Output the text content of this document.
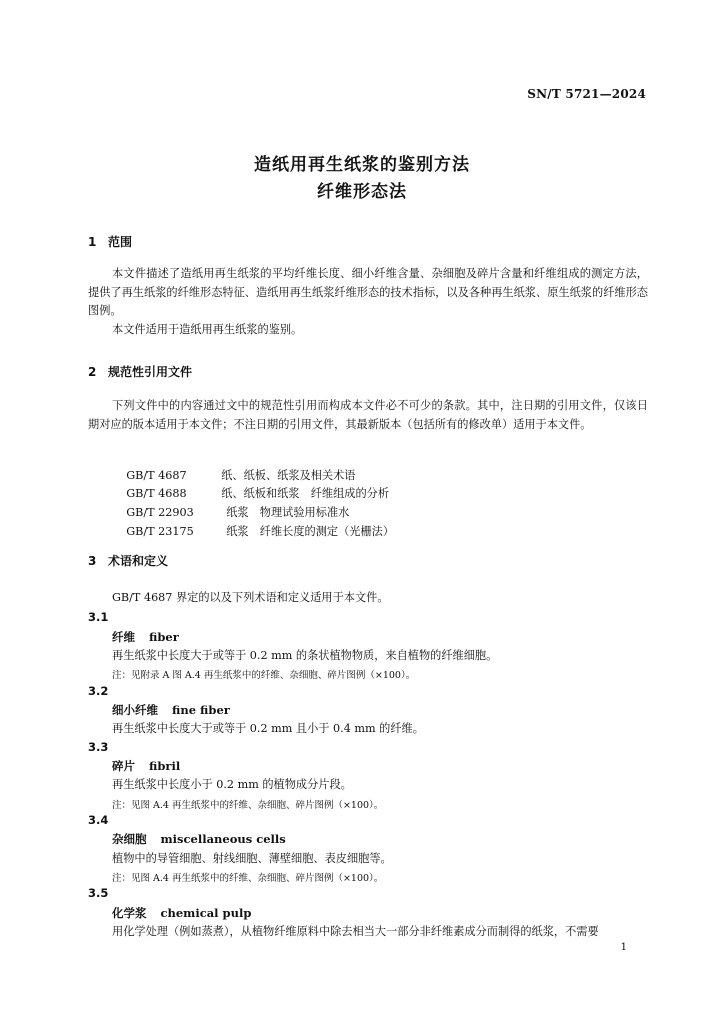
SN/T 5721—2024
造纸用再生纸浆的鉴别方法
纤维形态法
1 范围
本文件描述了造纸用再生纸浆的平均纤维长度、细小纤维含量、杂细胞及碎片含量和纤维组成的测定方法，提供了再生纸浆的纤维形态特征、造纸用再生纸浆纤维形态的技术指标，以及各种再生纸浆、原生纸浆的纤维形态图例。
本文件适用于造纸用再生纸浆的鉴别。
2 规范性引用文件
下列文件中的内容通过文中的规范性引用而构成本文件必不可少的条款。其中，注日期的引用文件，仅该日期对应的版本适用于本文件；不注日期的引用文件，其最新版本（包括所有的修改单）适用于本文件。

GB/T 4687	纸、纸板、纸浆及相关术语

GB/T 4688	纸、纸板和纸浆　纤维组成的分析

GB/T 22903	纸浆　物理试验用标准水

GB/T 23175	纸浆　纤维长度的测定（光栅法）

3 术语和定义
GB/T 4687 界定的以及下列术语和定义适用于本文件。
3.1
纤维 fiber
再生纸浆中长度大于或等于 0.2 mm 的条状植物物质，来自植物的纤维细胞。
注：见附录 A 图 A.4 再生纸浆中的纤维、杂细胞、碎片图例（×100）。
3.2
细小纤维 fine fiber
再生纸浆中长度大于或等于 0.2 mm 且小于 0.4 mm 的纤维。
3.3
碎片 fibril
再生纸浆中长度小于 0.2 mm 的植物成分片段。
注：见图 A.4 再生纸浆中的纤维、杂细胞、碎片图例（×100）。
3.4
杂细胞 miscellaneous cells
植物中的导管细胞、射线细胞、薄壁细胞、表皮细胞等。
注：见图 A.4 再生纸浆中的纤维、杂细胞、碎片图例（×100）。
3.5
化学浆 chemical pulp
用化学处理（例如蒸煮），从植物纤维原料中除去相当大一部分非纤维素成分而制得的纸浆，不需要
1
